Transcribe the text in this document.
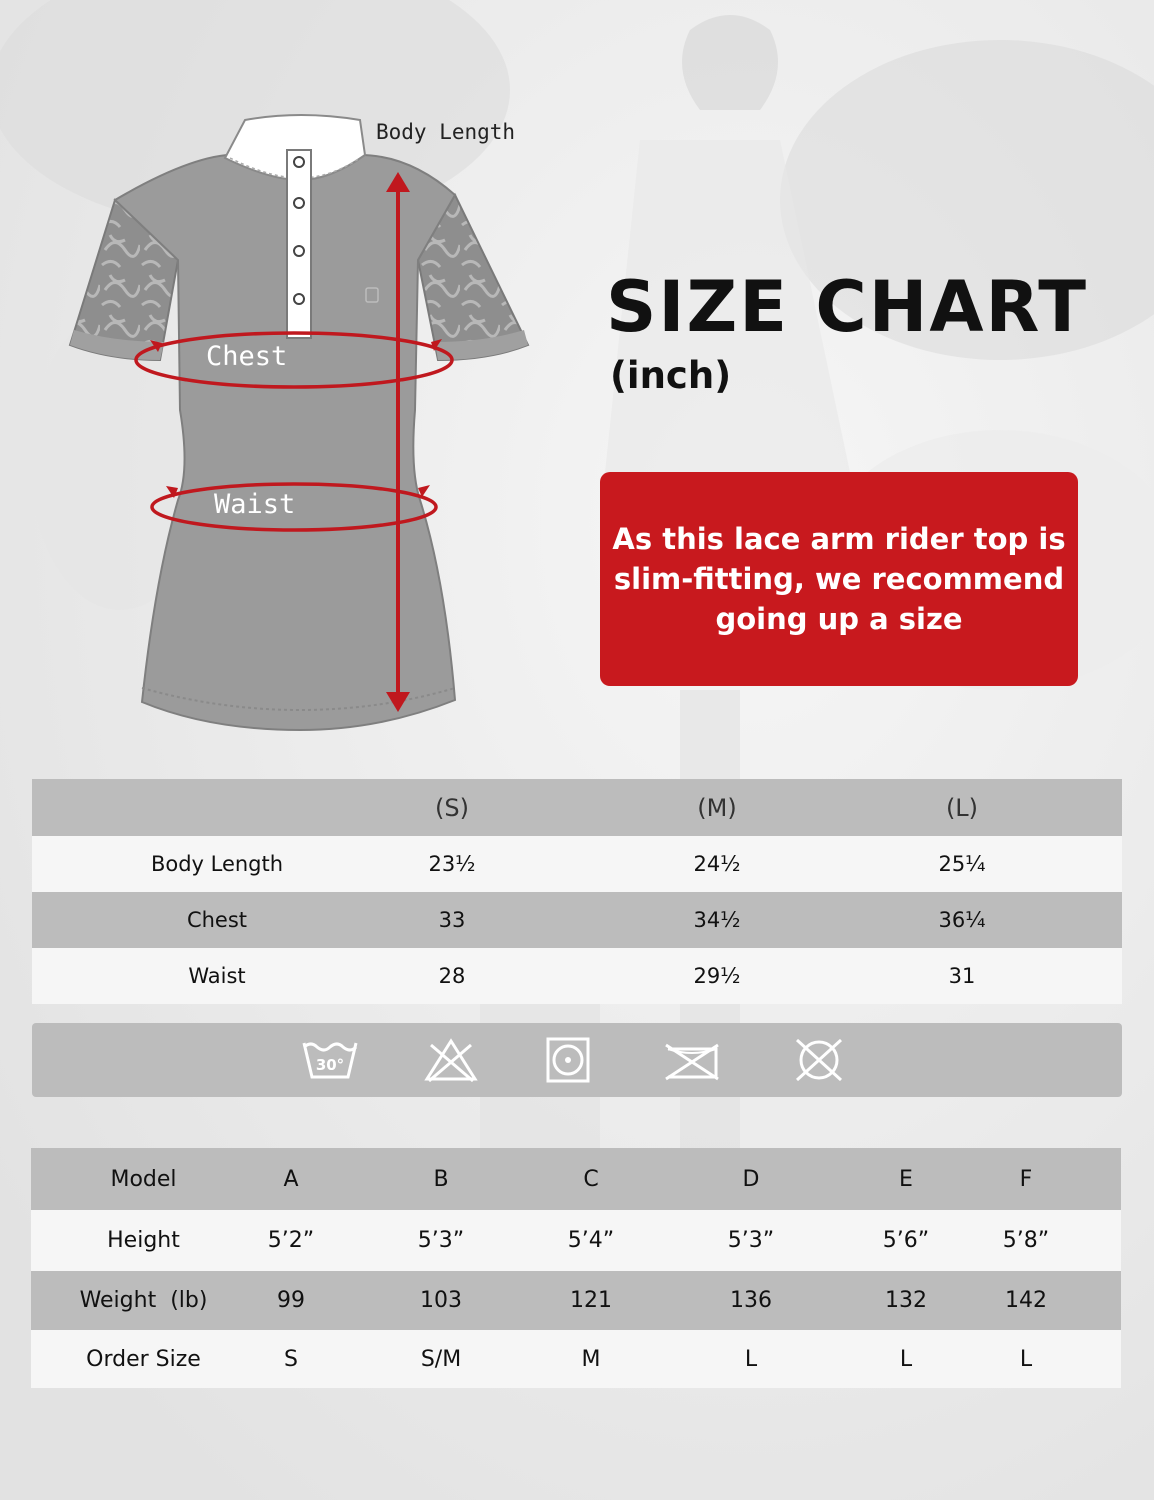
Body Length
Chest
Waist
SIZE CHART
(inch)
As this lace arm rider top is slim-fitting, we recommend going up a size
(S)	(M)	(L)
Body Length	23½	24½	25¼
Chest	33	34½	36¼
Waist	28	29½	31
30°
Model	A	B	C	D	E	F
Height	5’2”	5’3”	5’4”	5’3”	5’6”	5’8”
Weight  (lb)	99	103	121	136	132	142
Order Size	S	S/M	M	L	L	L
